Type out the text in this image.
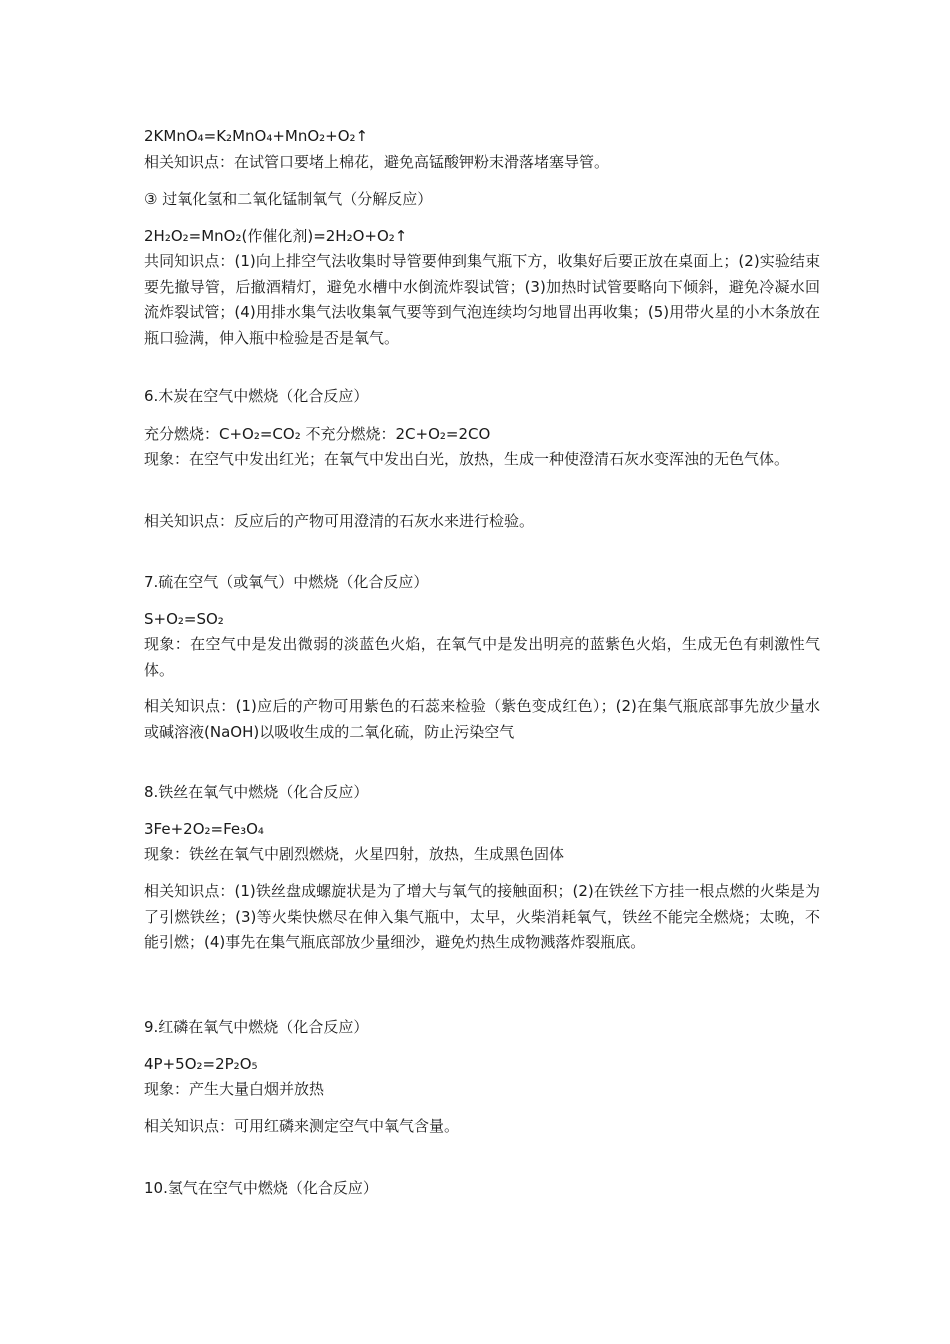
2KMnO₄=K₂MnO₄+MnO₂+O₂↑
相关知识点：在试管口要堵上棉花，避免高锰酸钾粉末滑落堵塞导管。
③ 过氧化氢和二氧化锰制氧气（分解反应）
2H₂O₂=MnO₂(作催化剂)=2H₂O+O₂↑
共同知识点：(1)向上排空气法收集时导管要伸到集气瓶下方，收集好后要正放在桌面上；(2)实验结束要先撤导管，后撤酒精灯，避免水槽中水倒流炸裂试管；(3)加热时试管要略向下倾斜，避免冷凝水回流炸裂试管；(4)用排水集气法收集氧气要等到气泡连续均匀地冒出再收集；(5)用带火星的小木条放在瓶口验满，伸入瓶中检验是否是氧气。
6.木炭在空气中燃烧（化合反应）
充分燃烧：C+O₂=CO₂ 不充分燃烧：2C+O₂=2CO
现象：在空气中发出红光；在氧气中发出白光，放热，生成一种使澄清石灰水变浑浊的无色气体。
相关知识点：反应后的产物可用澄清的石灰水来进行检验。
7.硫在空气（或氧气）中燃烧（化合反应）
S+O₂=SO₂
现象：在空气中是发出微弱的淡蓝色火焰，在氧气中是发出明亮的蓝紫色火焰，生成无色有刺激性气体。
相关知识点：(1)应后的产物可用紫色的石蕊来检验（紫色变成红色）；(2)在集气瓶底部事先放少量水或碱溶液(NaOH)以吸收生成的二氧化硫，防止污染空气
8.铁丝在氧气中燃烧（化合反应）
3Fe+2O₂=Fe₃O₄
现象：铁丝在氧气中剧烈燃烧，火星四射，放热，生成黑色固体
相关知识点：(1)铁丝盘成螺旋状是为了增大与氧气的接触面积；(2)在铁丝下方挂一根点燃的火柴是为了引燃铁丝；(3)等火柴快燃尽在伸入集气瓶中，太早，火柴消耗氧气，铁丝不能完全燃烧；太晚，不能引燃；(4)事先在集气瓶底部放少量细沙，避免灼热生成物溅落炸裂瓶底。
9.红磷在氧气中燃烧（化合反应）
4P+5O₂=2P₂O₅
现象：产生大量白烟并放热
相关知识点：可用红磷来测定空气中氧气含量。
10.氢气在空气中燃烧（化合反应）
